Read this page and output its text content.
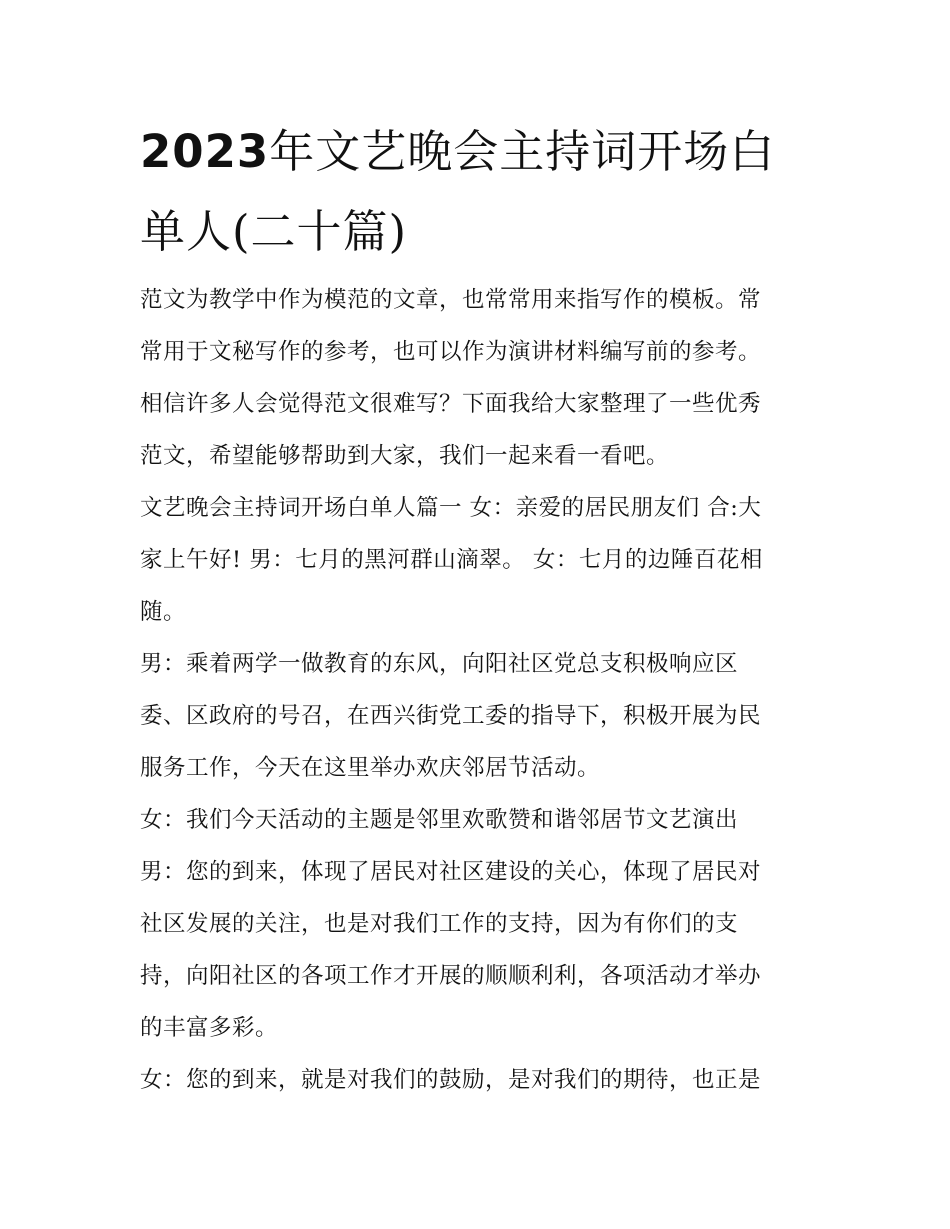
2023年文艺晚会主持词开场白
单人(二十篇)
范文为教学中作为模范的文章，也常常用来指写作的模板。常
常用于文秘写作的参考，也可以作为演讲材料编写前的参考。
相信许多人会觉得范文很难写？下面我给大家整理了一些优秀
范文，希望能够帮助到大家，我们一起来看一看吧。
文艺晚会主持词开场白单人篇一 女：亲爱的居民朋友们 合:大
家上午好! 男：七月的黑河群山滴翠。 女：七月的边陲百花相
随。
男：乘着两学一做教育的东风，向阳社区党总支积极响应区
委、区政府的号召，在西兴街党工委的指导下，积极开展为民
服务工作，今天在这里举办欢庆邻居节活动。
女：我们今天活动的主题是邻里欢歌赞和谐邻居节文艺演出
男：您的到来，体现了居民对社区建设的关心，体现了居民对
社区发展的关注，也是对我们工作的支持，因为有你们的支
持，向阳社区的各项工作才开展的顺顺利利，各项活动才举办
的丰富多彩。
女：您的到来，就是对我们的鼓励，是对我们的期待，也正是
